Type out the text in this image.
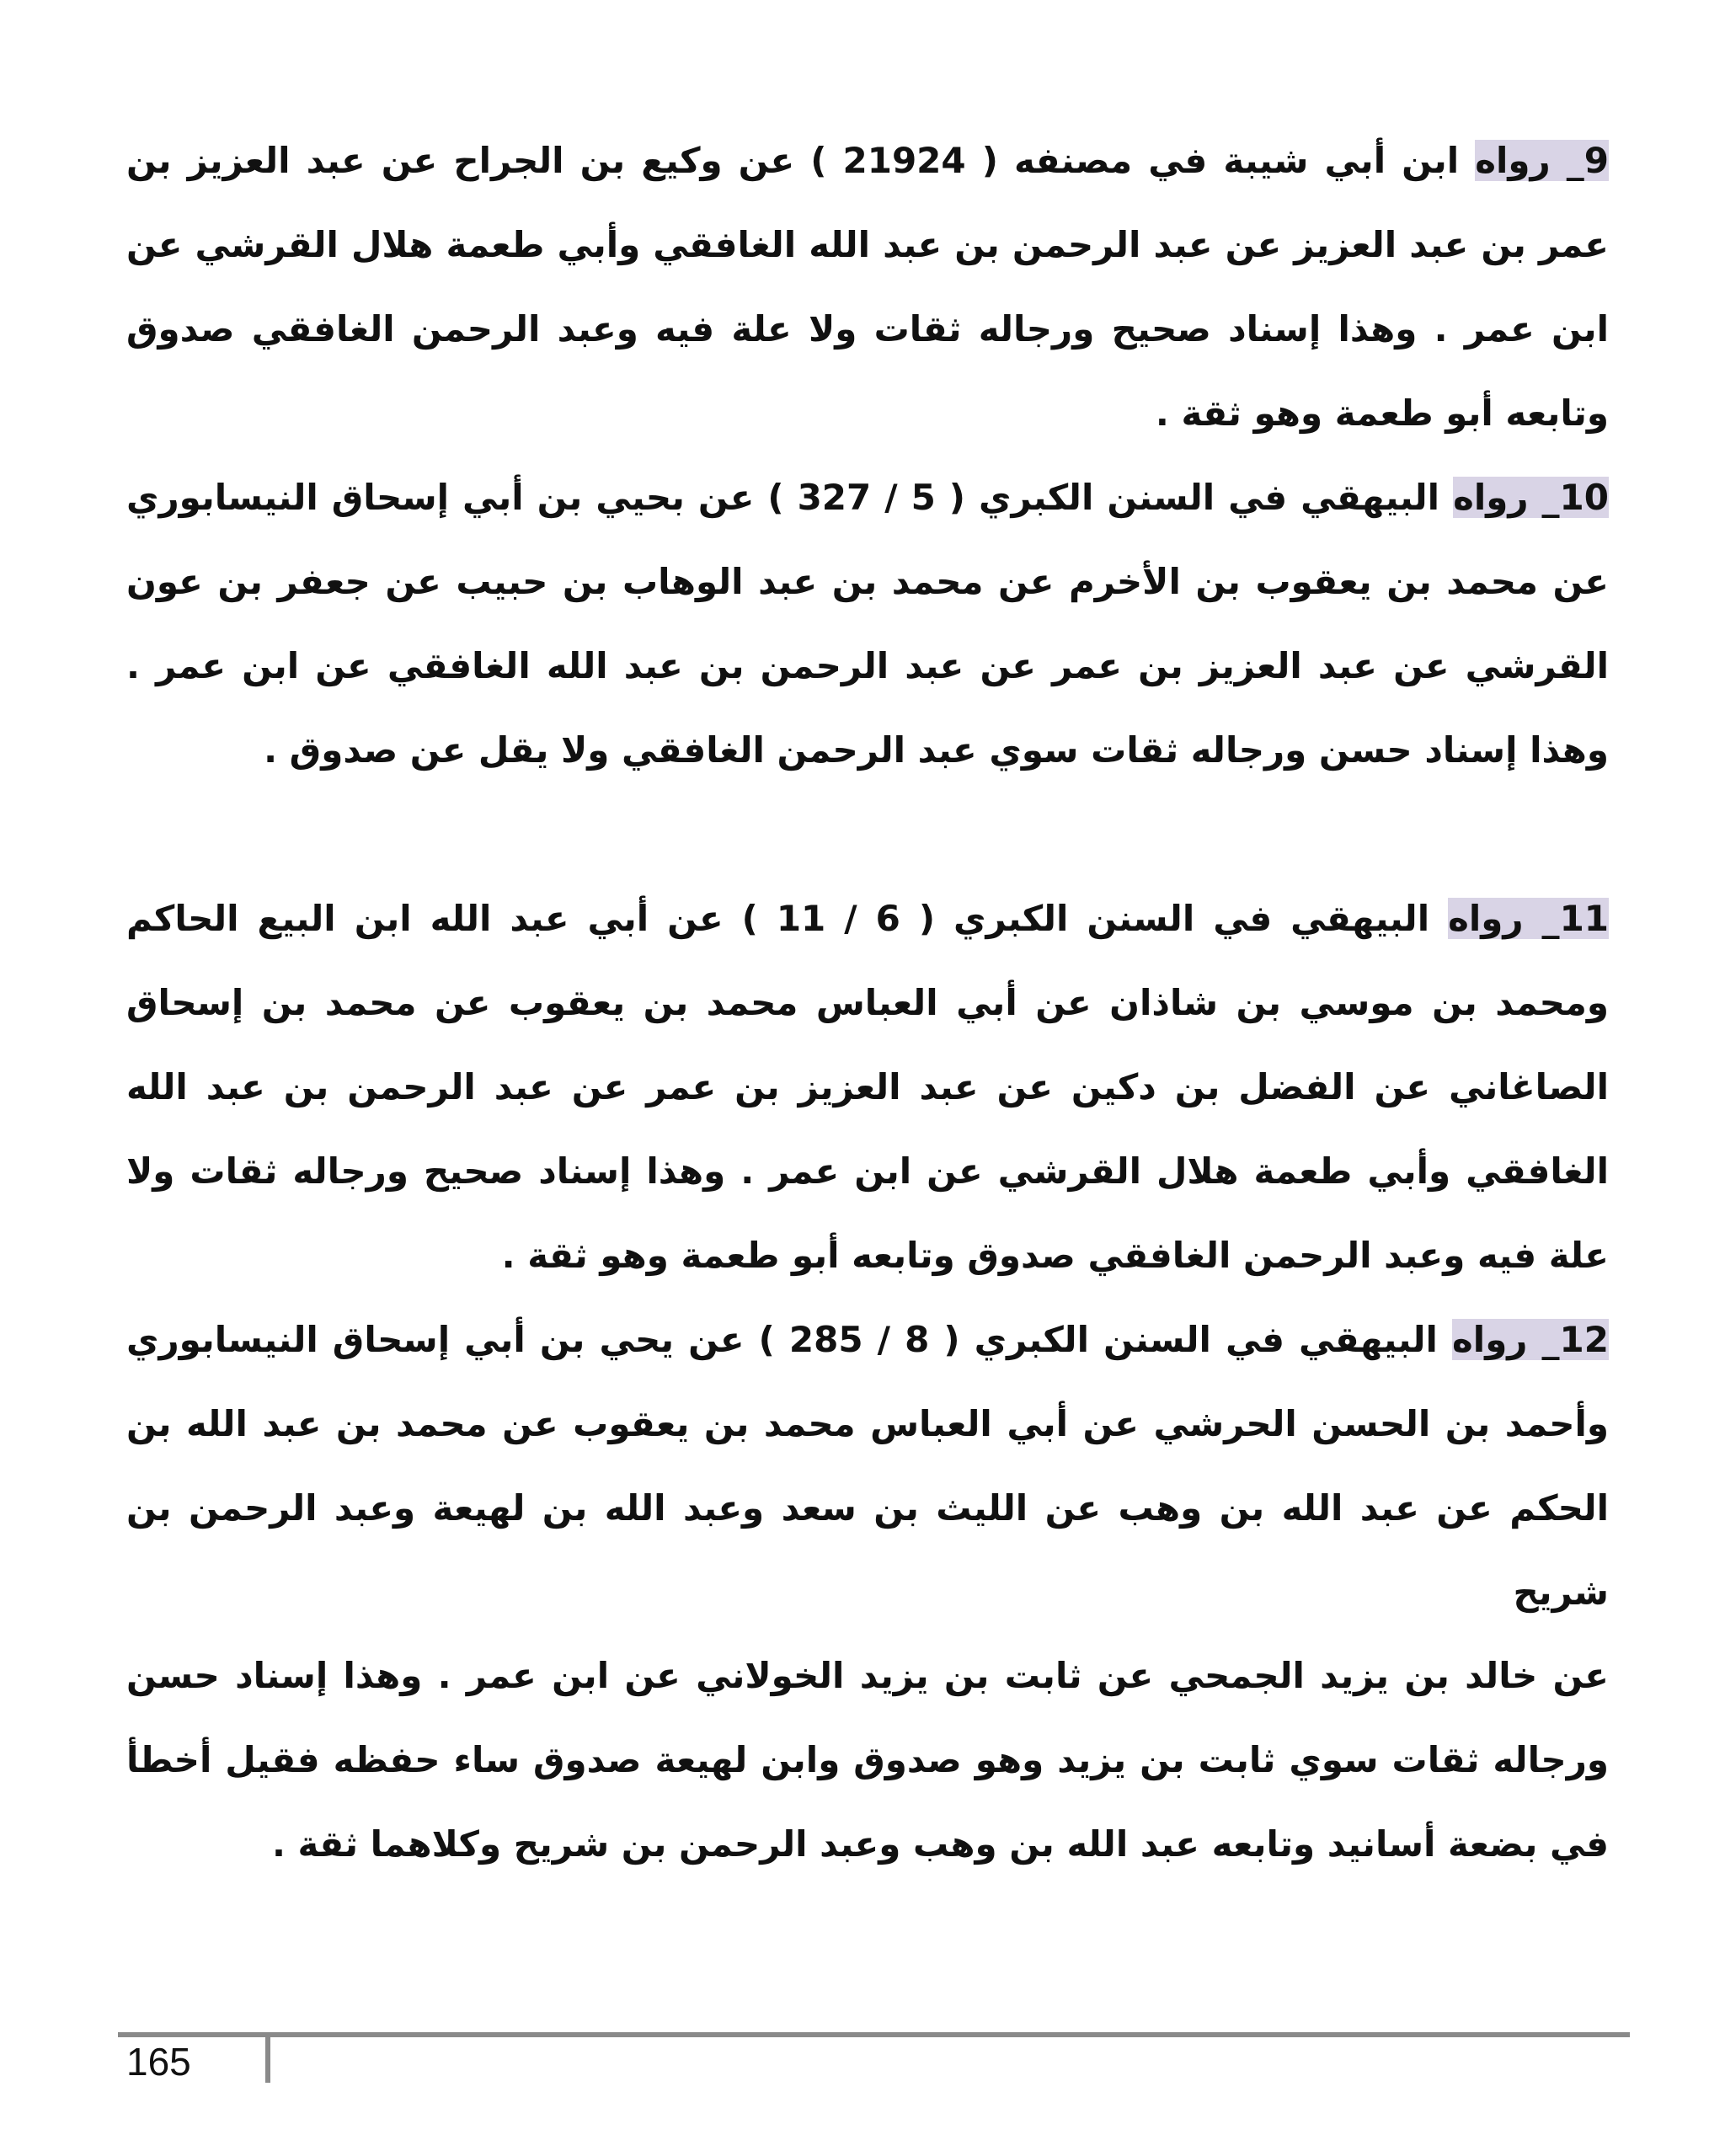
9_ رواه ابن أبي شيبة في مصنفه ( 21924 ) عن وكيع بن الجراح عن عبد العزيز بن عمر بن عبد العزيز عن عبد الرحمن بن عبد الله الغافقي وأبي طعمة هلال القرشي عن ابن عمر . وهذا إسناد صحيح ورجاله ثقات ولا علة فيه وعبد الرحمن الغافقي صدوق وتابعه أبو طعمة وهو ثقة .

10_ رواه البيهقي في السنن الكبري ( 5 / 327 ) عن بحيي بن أبي إسحاق النيسابوري عن محمد بن يعقوب بن الأخرم عن محمد بن عبد الوهاب بن حبيب عن جعفر بن عون القرشي عن عبد العزيز بن عمر عن عبد الرحمن بن عبد الله الغافقي عن ابن عمر . وهذا إسناد حسن ورجاله ثقات سوي عبد الرحمن الغافقي ولا يقل عن صدوق .

11_ رواه البيهقي في السنن الكبري ( 6 / 11 ) عن أبي عبد الله ابن البيع الحاكم ومحمد بن موسي بن شاذان عن أبي العباس محمد بن يعقوب عن محمد بن إسحاق الصاغاني عن الفضل بن دكين عن عبد العزيز بن عمر عن عبد الرحمن بن عبد الله الغافقي وأبي طعمة هلال القرشي عن ابن عمر . وهذا إسناد صحيح ورجاله ثقات ولا علة فيه وعبد الرحمن الغافقي صدوق وتابعه أبو طعمة وهو ثقة .

12_ رواه البيهقي في السنن الكبري ( 8 / 285 ) عن يحي بن أبي إسحاق النيسابوري وأحمد بن الحسن الحرشي عن أبي العباس محمد بن يعقوب عن محمد بن عبد الله بن الحكم عن عبد الله بن وهب عن الليث بن سعد وعبد الله بن لهيعة وعبد الرحمن بن شريح

عن خالد بن يزيد الجمحي عن ثابت بن يزيد الخولاني عن ابن عمر . وهذا إسناد حسن ورجاله ثقات سوي ثابت بن يزيد وهو صدوق وابن لهيعة صدوق ساء حفظه فقيل أخطأ في بضعة أسانيد وتابعه عبد الله بن وهب وعبد الرحمن بن شريح وكلاهما ثقة .

165
